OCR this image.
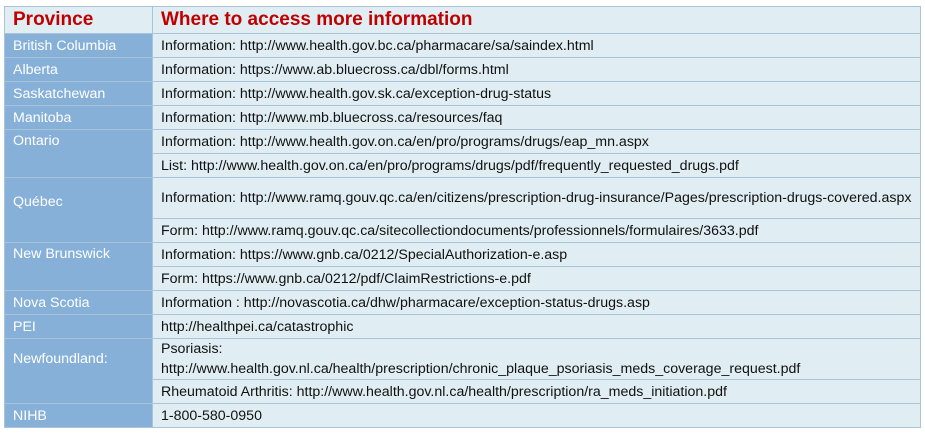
Province	Where to access more information
British Columbia	Information: http://www.health.gov.bc.ca/pharmacare/sa/saindex.html
Alberta	Information: https://www.ab.bluecross.ca/dbl/forms.html
Saskatchewan	Information: http://www.health.gov.sk.ca/exception-drug-status
Manitoba	Information: http://www.mb.bluecross.ca/resources/faq
Ontario	Information: http://www.health.gov.on.ca/en/pro/programs/drugs/eap_mn.aspx
	List: http://www.health.gov.on.ca/en/pro/programs/drugs/pdf/frequently_requested_drugs.pdf
Québec	Information: http://www.ramq.gouv.qc.ca/en/citizens/prescription-drug-insurance/Pages/prescription-drugs-covered.aspx
	Form: http://www.ramq.gouv.qc.ca/sitecollectiondocuments/professionnels/formulaires/3633.pdf
New Brunswick	Information: https://www.gnb.ca/0212/SpecialAuthorization-e.asp
	Form: https://www.gnb.ca/0212/pdf/ClaimRestrictions-e.pdf
Nova Scotia	Information : http://novascotia.ca/dhw/pharmacare/exception-status-drugs.asp
PEI	http://healthpei.ca/catastrophic
Newfoundland:	Psoriasis:
http://www.health.gov.nl.ca/health/prescription/chronic_plaque_psoriasis_meds_coverage_request.pdf

	Rheumatoid Arthritis: http://www.health.gov.nl.ca/health/prescription/ra_meds_initiation.pdf
NIHB	1-800-580-0950
